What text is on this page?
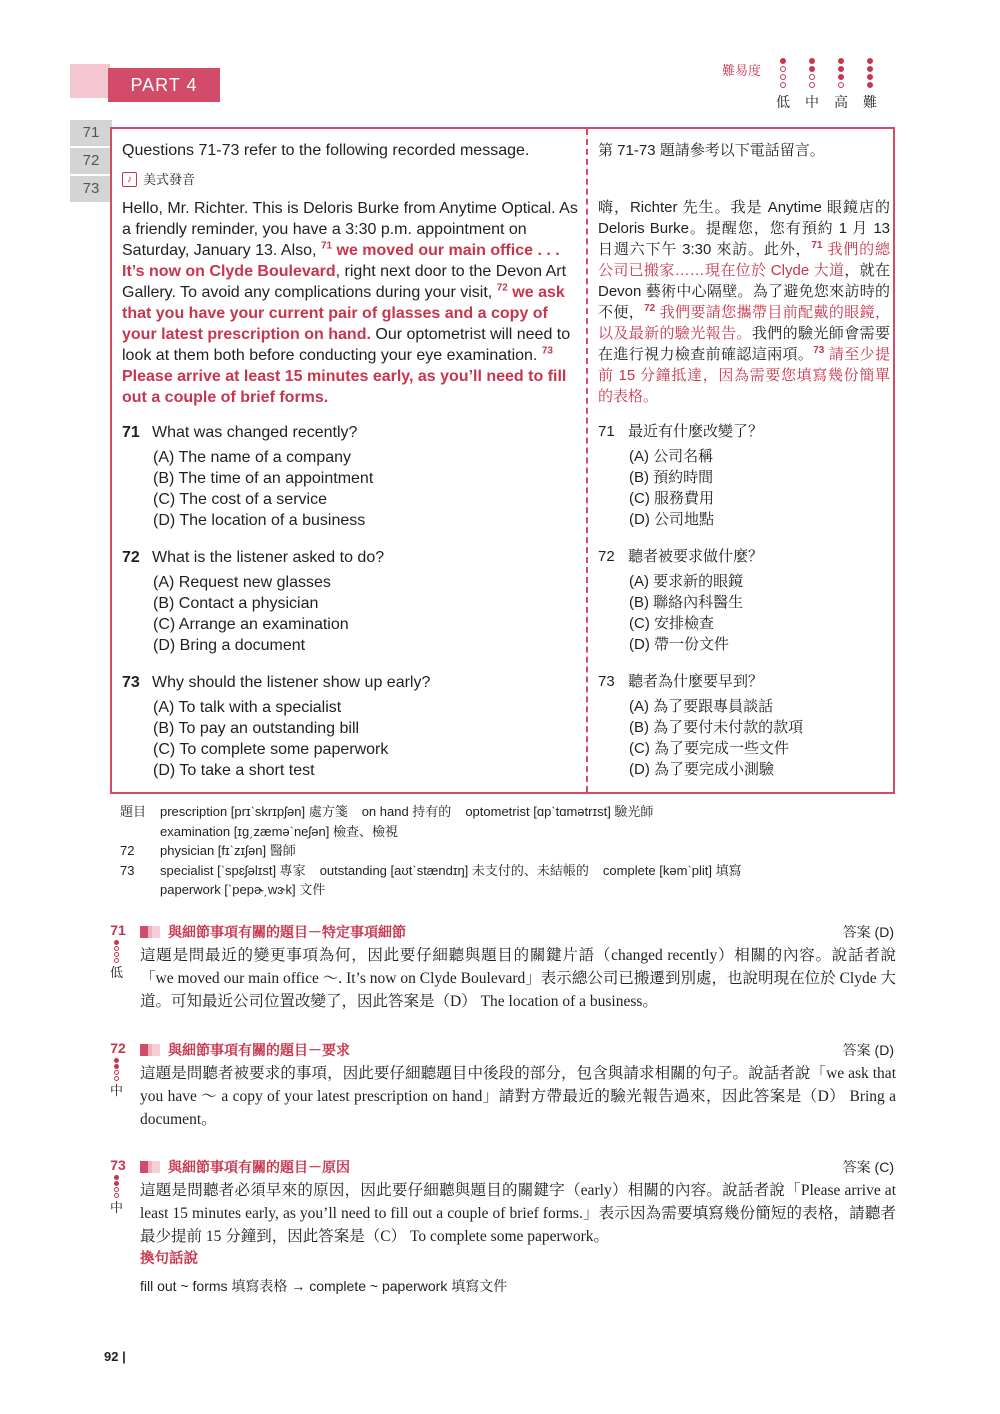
PART 4
難易度
低 中 高 難
71
72
73
Questions 71-73 refer to the following recorded message.
♪ 美式發音
Hello, Mr. Richter. This is Deloris Burke from Anytime Optical. As a friendly reminder, you have a 3:30 p.m. appointment on Saturday, January 13. Also, $^{71}$ we moved our main office . . . It’s now on Clyde Boulevard, right next door to the Devon Art Gallery. To avoid any complications during your visit, $^{72}$ we ask that you have your current pair of glasses and a copy of your latest prescription on hand. Our optometrist will need to look at them both before conducting your eye examination. $^{73}$ Please arrive at least 15 minutes early, as you’ll need to fill out a couple of brief forms.
71 What was changed recently?
(A) The name of a company
(B) The time of an appointment
(C) The cost of a service
(D) The location of a business
72 What is the listener asked to do?
(A) Request new glasses
(B) Contact a physician
(C) Arrange an examination
(D) Bring a document
73 Why should the listener show up early?
(A) To talk with a specialist
(B) To pay an outstanding bill
(C) To complete some paperwork
(D) To take a short test
第 71-73 題請參考以下電話留言。
嗨，Richter 先生。我是 Anytime 眼鏡店的 Deloris Burke。提醒您，您有預約 1 月 13 日週六下午 3:30 來訪。此外，$^{71}$ 我們的總公司已搬家……現在位於 Clyde 大道，就在 Devon 藝術中心隔壁。為了避免您來訪時的不便，$^{72}$ 我們要請您攜帶目前配戴的眼鏡，以及最新的驗光報告。我們的驗光師會需要在進行視力檢查前確認這兩項。$^{73}$ 請至少提前 15 分鐘抵達，因為需要您填寫幾份簡單的表格。
71 最近有什麼改變了？
(A) 公司名稱
(B) 預約時間
(C) 服務費用
(D) 公司地點
72 聽者被要求做什麼？
(A) 要求新的眼鏡
(B) 聯絡內科醫生
(C) 安排檢查
(D) 帶一份文件
73 聽者為什麼要早到？
(A) 為了要跟專員談話
(B) 為了要付未付款的款項
(C) 為了要完成一些文件
(D) 為了要完成小測驗
題目	prescription [prɪˋskrɪpʃən] 處方箋 on hand 持有的 optometrist [ɑpˋtɑmətrɪst] 驗光師
examination [ɪg͵zæməˋneʃən] 檢查、檢視
72	physician [fɪˋzɪʃən] 醫師
73	specialist [ˋspɛʃəlɪst] 專家 outstanding [aʊtˋstændɪŋ] 未支付的、未結帳的 complete [kəmˋplit] 填寫
paperwork [ˋpepɚ͵wɝk] 文件
71
低
與細節事項有關的題目－特定事項細節	答案 (D)
這題是問最近的變更事項為何，因此要仔細聽與題目的關鍵片語（changed recently）相關的內容。說話者說「we moved our main office ～. It’s now on Clyde Boulevard」表示總公司已搬遷到別處，也說明現在位於 Clyde 大道。可知最近公司位置改變了，因此答案是（D） The location of a business。
72
中
與細節事項有關的題目－要求	答案 (D)
這題是問聽者被要求的事項，因此要仔細聽題目中後段的部分，包含與請求相關的句子。說話者說「we ask that you have ～ a copy of your latest prescription on hand」請對方帶最近的驗光報告過來，因此答案是（D） Bring a document。
73
中
與細節事項有關的題目－原因	答案 (C)
這題是問聽者必須早來的原因，因此要仔細聽與題目的關鍵字（early）相關的內容。說話者說「Please arrive at least 15 minutes early, as you’ll need to fill out a couple of brief forms.」表示因為需要填寫幾份簡短的表格，請聽者最少提前 15 分鐘到，因此答案是（C） To complete some paperwork。
換句話說
fill out ~ forms 填寫表格 → complete ~ paperwork 填寫文件
92 |
